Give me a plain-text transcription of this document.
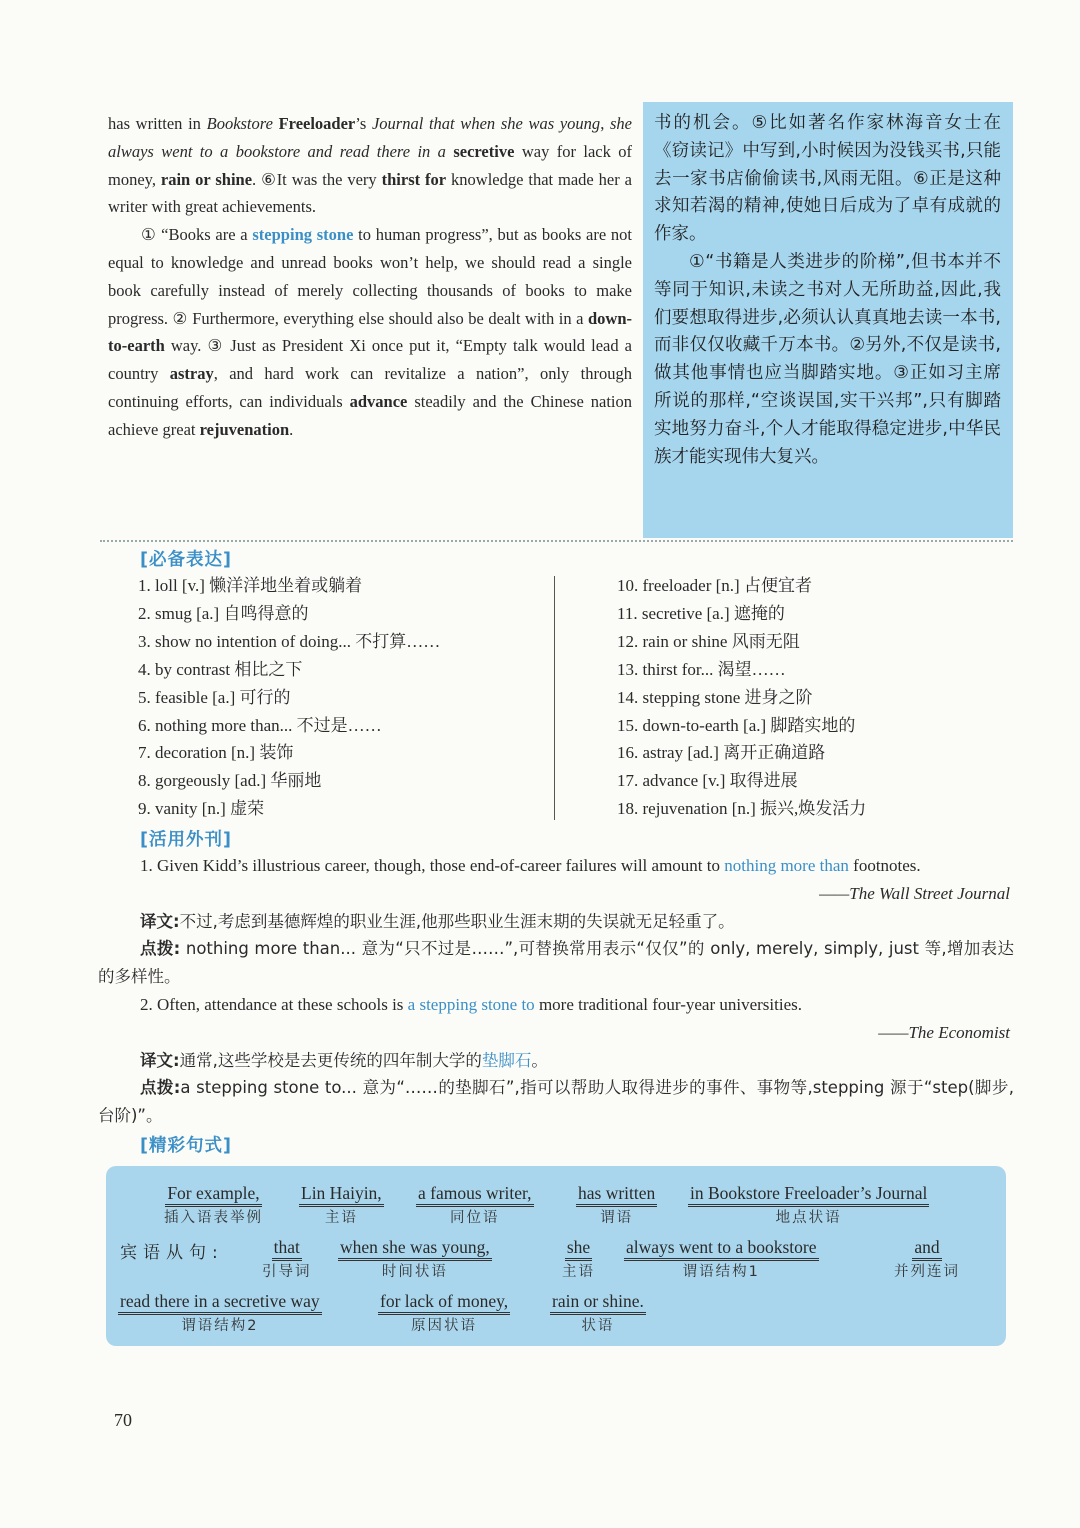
has written in Bookstore Freeloader’s Journal that when she was young, she always went to a bookstore and read there in a secretive way for lack of money, rain or shine. ⑥It was the very thirst for knowledge that made her a writer with great achievements.

① “Books are a stepping stone to human progress”, but as books are not equal to knowledge and unread books won’t help, we should read a single book carefully instead of merely collecting thousands of books to make progress. ② Furthermore, everything else should also be dealt with in a down-to-earth way. ③ Just as President Xi once put it, “Empty talk would lead a country astray, and hard work can revitalize a nation”, only through continuing efforts, can individuals advance steadily and the Chinese nation achieve great rejuvenation.

书的机会。⑤比如著名作家林海音女士在《窃读记》中写到,小时候因为没钱买书,只能去一家书店偷偷读书,风雨无阻。⑥正是这种求知若渴的精神,使她日后成为了卓有成就的作家。

①“书籍是人类进步的阶梯”,但书本并不等同于知识,未读之书对人无所助益,因此,我们要想取得进步,必须认认真真地去读一本书,而非仅仅收藏千万本书。②另外,不仅是读书,做其他事情也应当脚踏实地。③正如习主席所说的那样,“空谈误国,实干兴邦”,只有脚踏实地努力奋斗,个人才能取得稳定进步,中华民族才能实现伟大复兴。

[必备表达]
1. loll [v.] 懒洋洋地坐着或躺着
2. smug [a.] 自鸣得意的
3. show no intention of doing... 不打算……
4. by contrast 相比之下
5. feasible [a.] 可行的
6. nothing more than... 不过是……
7. decoration [n.] 装饰
8. gorgeously [ad.] 华丽地
9. vanity [n.] 虚荣
10. freeloader [n.] 占便宜者
11. secretive [a.] 遮掩的
12. rain or shine 风雨无阻
13. thirst for... 渴望……
14. stepping stone 进身之阶
15. down-to-earth [a.] 脚踏实地的
16. astray [ad.] 离开正确道路
17. advance [v.] 取得进展
18. rejuvenation [n.] 振兴,焕发活力
[活用外刊]

1. Given Kidd’s illustrious career, though, those end-of-career failures will amount to nothing more than footnotes.

——The Wall Street Journal

译文:不过,考虑到基德辉煌的职业生涯,他那些职业生涯末期的失误就无足轻重了。

点拨: nothing more than... 意为“只不过是……”,可替换常用表示“仅仅”的 only, merely, simply, just 等,增加表达的多样性。

2. Often, attendance at these schools is a stepping stone to more traditional four-year universities.

——The Economist

译文:通常,这些学校是去更传统的四年制大学的垫脚石。

点拨:a stepping stone to... 意为“……的垫脚石”,指可以帮助人取得进步的事件、事物等,stepping 源于“step(脚步,台阶)”。

[精彩句式]
For example,
插入语表举例
Lin Haiyin,
主语
a famous writer,
同位语
has written
谓语
in Bookstore Freeloader’s Journal
地点状语
宾语从句:	that
引导词
when she was young,
时间状语
she
主语
always went to a bookstore
谓语结构1
and
并列连词
read there in a secretive way
谓语结构2
for lack of money,
原因状语
rain or shine.
状语
70
